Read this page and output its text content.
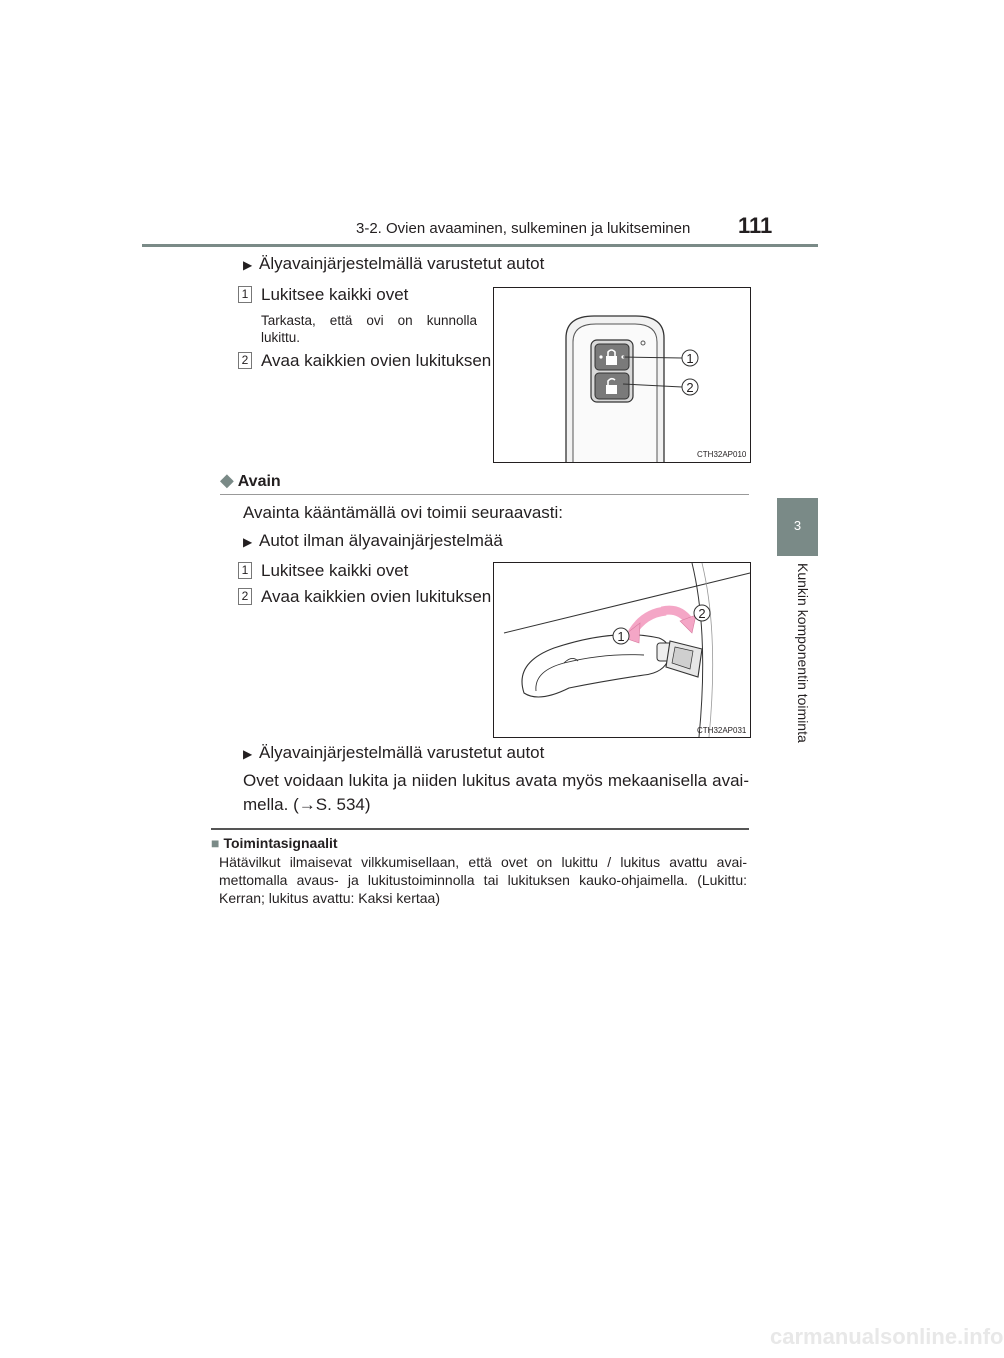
3-2. Ovien avaaminen, sulkeminen ja lukitseminen 111
3
Kunkin komponentin toiminta
▶ Älyavainjärjestelmällä varustetut autot
1 Lukitsee kaikki ovet
Tarkasta, että ovi on kunnolla lukittu.
2 Avaa kaikkien ovien lukituksen	1
2
CTH32AP010
◆ Avain
Avainta kääntämällä ovi toimii seuraavasti:
▶ Autot ilman älyavainjärjestelmää
1 Lukitsee kaikki ovet
2 Avaa kaikkien ovien lukituksen
1
2
CTH32AP031
▶ Älyavainjärjestelmällä varustetut autot
Ovet voidaan lukita ja niiden lukitus avata myös mekaanisella avai-
mella. (→S. 534)
■ Toimintasignaalit
Hätävilkut ilmaisevat vilkkumisellaan, että ovet on lukittu / lukitus avattu avai-mettomalla avaus- ja lukitustoiminnolla tai lukituksen kauko-ohjaimella. (Lukittu: Kerran; lukitus avattu: Kaksi kertaa)
carmanualsonline.info
